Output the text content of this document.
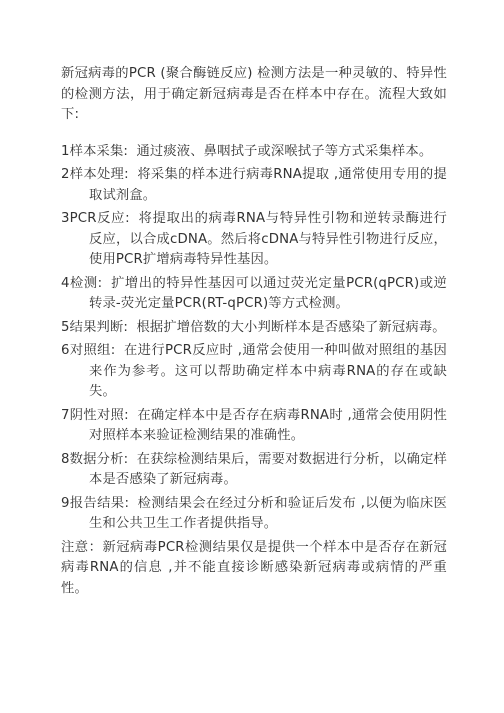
新冠病毒的PCR (聚合酶链反应) 检测方法是一种灵敏的、特异性的检测方法，用于确定新冠病毒是否在样本中存在。流程大致如下:

1样本采集: 通过痰液、鼻咽拭子或深喉拭子等方式采集样本。
2样本处理: 将采集的样本进行病毒RNA提取 ,通常使用专用的提取试剂盒。
3PCR反应: 将提取出的病毒RNA与特异性引物和逆转录酶进行反应，以合成cDNA。然后将cDNA与特异性引物进行反应，使用PCR扩增病毒特异性基因。
4检测: 扩增出的特异性基因可以通过荧光定量PCR(qPCR)或逆转录-荧光定量PCR(RT-qPCR)等方式检测。
5结果判断: 根据扩增倍数的大小判断样本是否感染了新冠病毒。
6对照组: 在进行PCR反应时 ,通常会使用一种叫做对照组的基因来作为参考。这可以帮助确定样本中病毒RNA的存在或缺失。
7阴性对照: 在确定样本中是否存在病毒RNA时 ,通常会使用阴性对照样本来验证检测结果的准确性。
8数据分析: 在获综检测结果后，需要对数据进行分析，以确定样本是否感染了新冠病毒。
9报告结果: 检测结果会在经过分析和验证后发布 ,以便为临床医生和公共卫生工作者提供指导。

注意：新冠病毒PCR检测结果仅是提供一个样本中是否存在新冠病毒RNA的信息 ,并不能直接诊断感染新冠病毒或病情的严重性。
